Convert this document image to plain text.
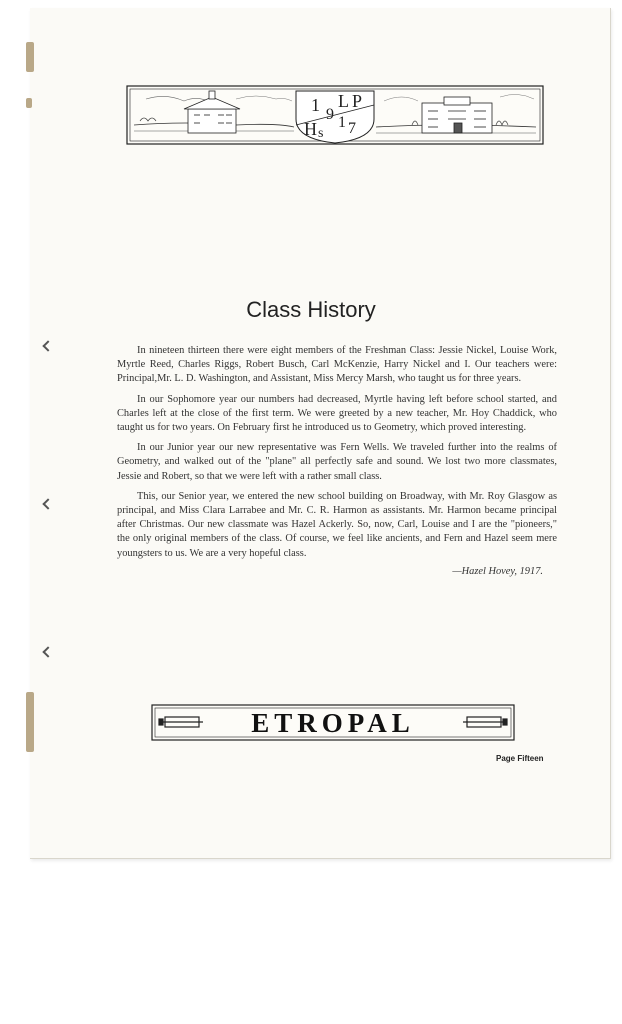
1 9
L P
H s
1 7
Class History

In nineteen thirteen there were eight members of the Freshman Class: Jessie Nickel, Louise Work, Myrtle Reed, Charles Riggs, Robert Busch, Carl McKenzie, Harry Nickel and I. Our teachers were: Principal,Mr. L. D. Washington, and Assistant, Miss Mercy Marsh, who taught us for three years.

In our Sophomore year our numbers had decreased, Myrtle having left before school started, and Charles left at the close of the first term. We were greeted by a new teacher, Mr. Hoy Chaddick, who taught us for two years. On February first he introduced us to Geometry, which proved interesting.

In our Junior year our new representative was Fern Wells. We traveled further into the realms of Geometry, and walked out of the "plane" all perfectly safe and sound. We lost two more classmates, Jessie and Robert, so that we were left with a rather small class.

This, our Senior year, we entered the new school building on Broadway, with Mr. Roy Glasgow as principal, and Miss Clara Larrabee and Mr. C. R. Harmon as assistants. Mr. Harmon became principal after Christmas. Our new classmate was Hazel Ackerly. So, now, Carl, Louise and I are the "pioneers," the only original members of the class. Of course, we feel like ancients, and Fern and Hazel seem mere youngsters to us. We are a very hopeful class.

—Hazel Hovey, 1917.
ETROPAL
Page Fifteen
